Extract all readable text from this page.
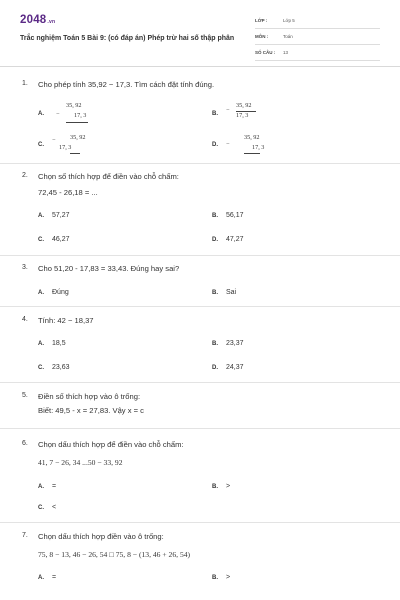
2048.vn
Trắc nghiệm Toán 5 Bài 9: (có đáp án) Phép trừ hai số thập phân
LỚP :	Lớp 5
MÔN :	Toán
SỐ CÂU : 13
1. Cho phép tính 35,92 − 17,3. Tìm cách đặt tính đúng.
A. −
35, 92
17, 3	B. −
35, 92
17, 3
C.
− 35, 92
17, 3	D. −
35, 92
17, 3
2. Chọn số thích hợp để điền vào chỗ chấm:
72,45 - 26,18 = ...
A. 57,27	B. 56,17
C. 46,27	D. 47,27
3. Cho 51,20 - 17,83 = 33,43. Đúng hay sai?
A. Đúng	B. Sai
4. Tính: 42 − 18,37
A. 18,5	B. 23,37
C. 23,63	D. 24,37
5. Điền số thích hợp vào ô trống:
Biết: 49,5 - x = 27,83. Vậy x = c
6. Chọn dấu thích hợp để điền vào chỗ chấm:
41, 7 − 26, 34 ...50 − 33, 92
A. =	B. >
C. <
7. Chọn dấu thích hợp điền vào ô trống:
75, 8 − 13, 46 − 26, 54 □ 75, 8 − (13, 46 + 26, 54)
A. =	B. >
